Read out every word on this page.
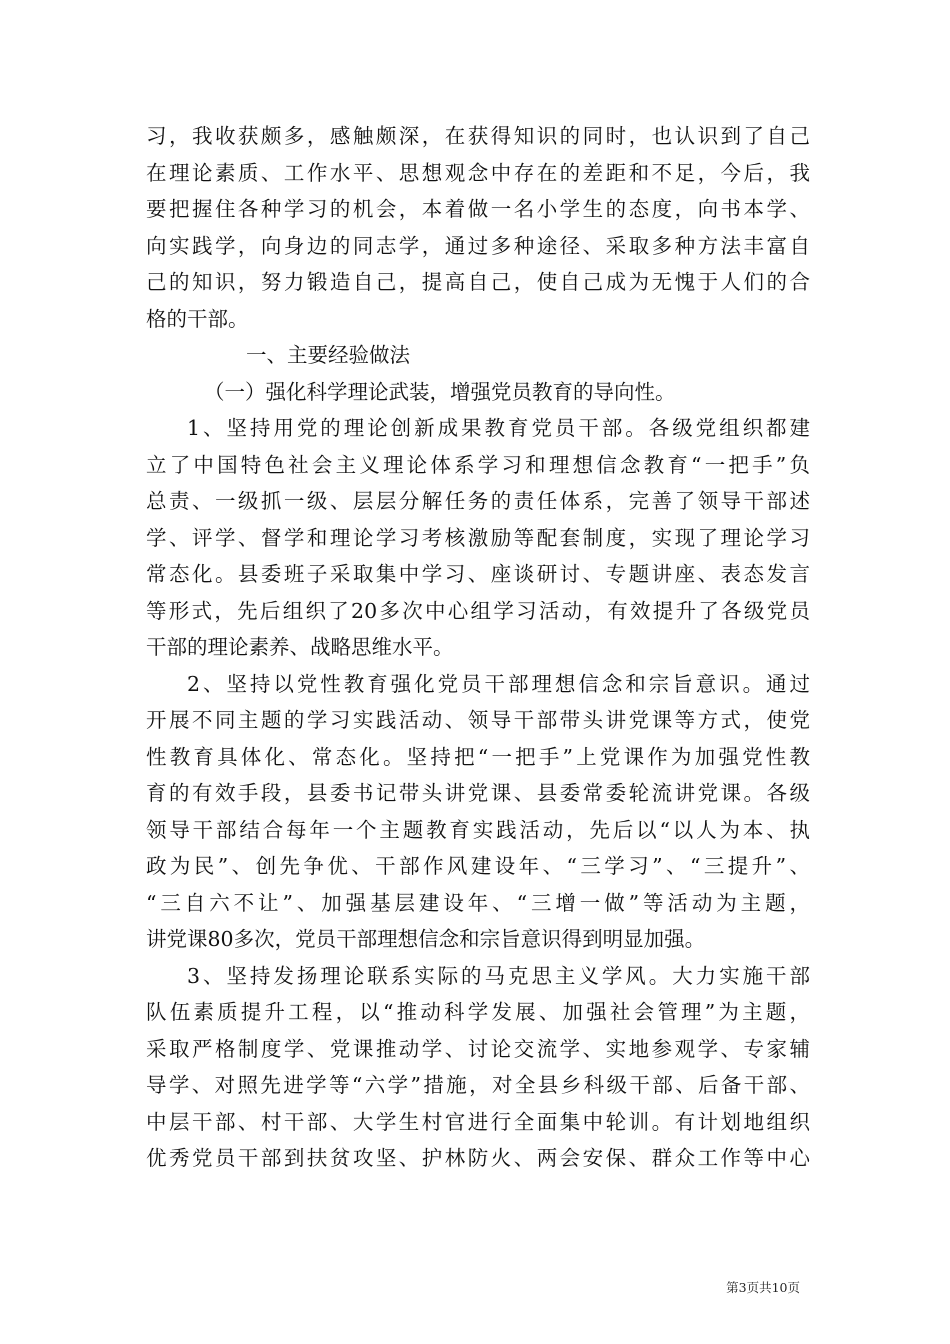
习，我收获颇多，感触颇深，在获得知识的同时，也认识到了自己
在理论素质、工作水平、思想观念中存在的差距和不足，今后，我
要把握住各种学习的机会，本着做一名小学生的态度，向书本学、
向实践学，向身边的同志学，通过多种途径、采取多种方法丰富自
己的知识，努力锻造自己，提高自己，使自己成为无愧于人们的合
格的干部。
一、主要经验做法
（一）强化科学理论武装，增强党员教育的导向性。
1、坚持用党的理论创新成果教育党员干部。各级党组织都建
立了中国特色社会主义理论体系学习和理想信念教育“一把手”负
总责、一级抓一级、层层分解任务的责任体系，完善了领导干部述
学、评学、督学和理论学习考核激励等配套制度，实现了理论学习
常态化。县委班子采取集中学习、座谈研讨、专题讲座、表态发言
等形式，先后组织了20多次中心组学习活动，有效提升了各级党员
干部的理论素养、战略思维水平。
2、坚持以党性教育强化党员干部理想信念和宗旨意识。通过
开展不同主题的学习实践活动、领导干部带头讲党课等方式，使党
性教育具体化、常态化。坚持把“一把手”上党课作为加强党性教
育的有效手段，县委书记带头讲党课、县委常委轮流讲党课。各级
领导干部结合每年一个主题教育实践活动，先后以“以人为本、执
政为民”、创先争优、干部作风建设年、“三学习”、“三提升”、
“三自六不让”、加强基层建设年、“三增一做”等活动为主题，
讲党课80多次，党员干部理想信念和宗旨意识得到明显加强。
3、坚持发扬理论联系实际的马克思主义学风。大力实施干部
队伍素质提升工程，以“推动科学发展、加强社会管理”为主题，
采取严格制度学、党课推动学、讨论交流学、实地参观学、专家辅
导学、对照先进学等“六学”措施，对全县乡科级干部、后备干部、
中层干部、村干部、大学生村官进行全面集中轮训。有计划地组织
优秀党员干部到扶贫攻坚、护林防火、两会安保、群众工作等中心
第3页共10页
